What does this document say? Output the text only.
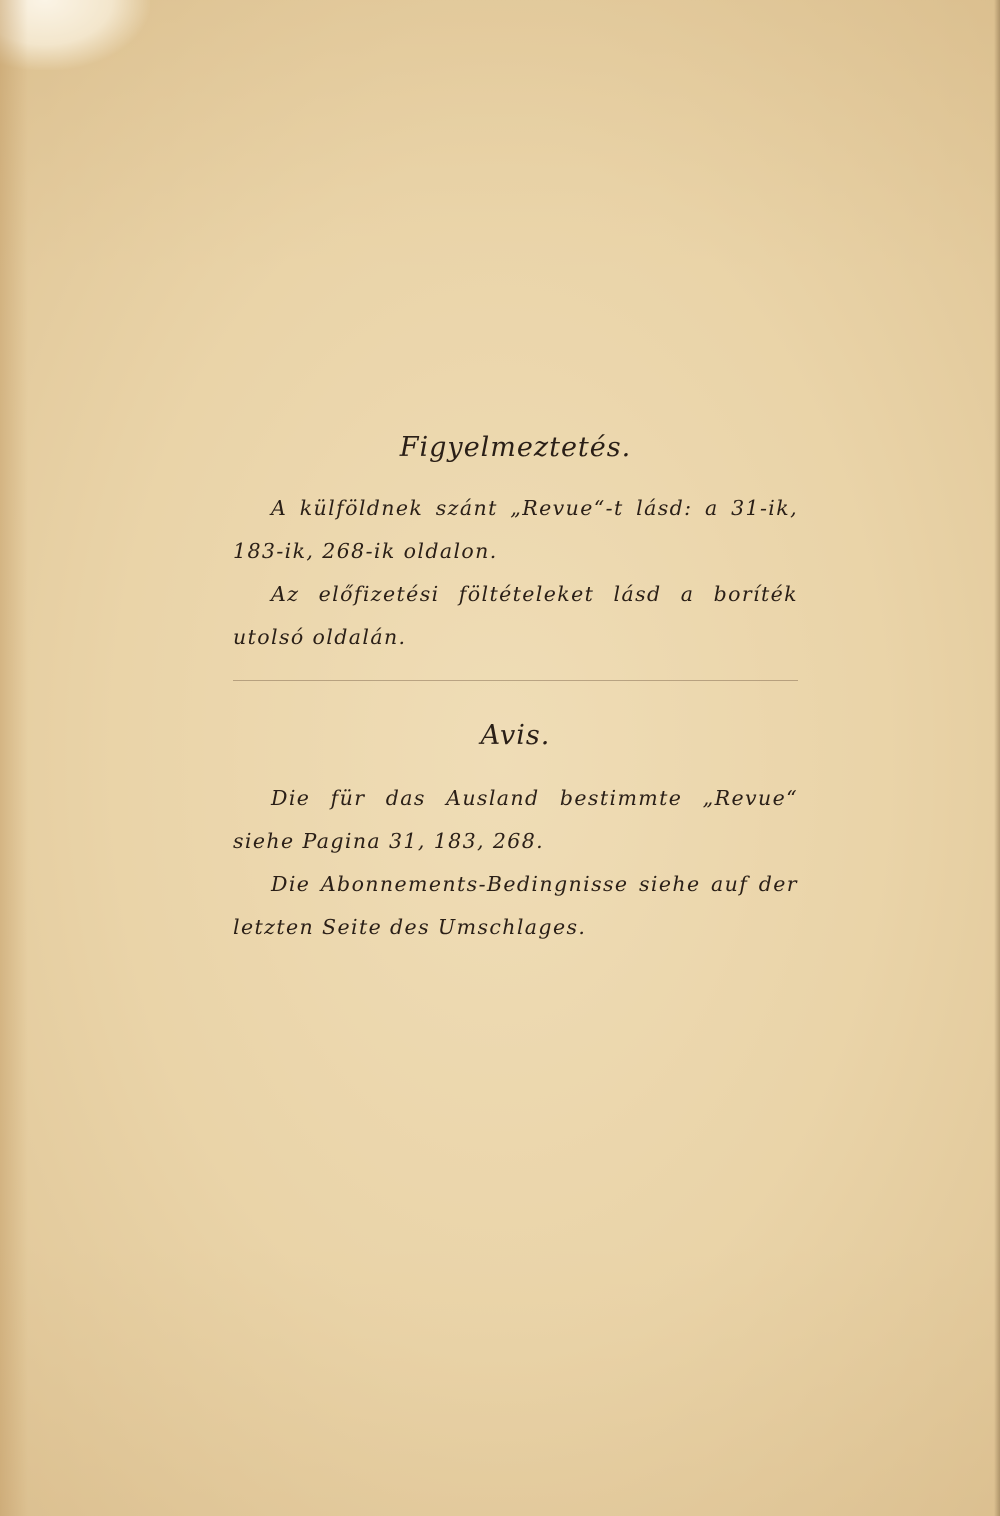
Figyelmeztetés.

A külföldnek szánt „Revue“-t lásd: a 31-ik, 183-ik, 268-ik oldalon.

Az előfizetési föltételeket lásd a boríték utolsó oldalán.

Avis.

Die für das Ausland bestimmte „Revue“ siehe Pagina 31, 183, 268.

Die Abonnements-Bedingnisse siehe auf der letzten Seite des Umschlages.
